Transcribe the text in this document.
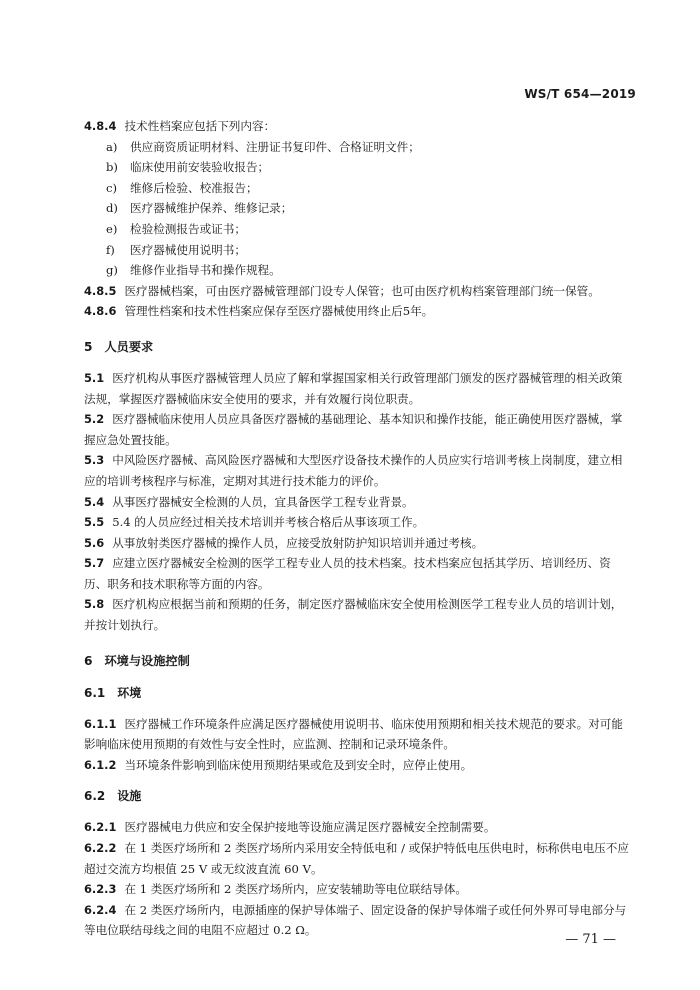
WS/T 654—2019

4.8.4 技术性档案应包括下列内容：

a) 供应商资质证明材料、注册证书复印件、合格证明文件；

b) 临床使用前安装验收报告；

c) 维修后检验、校准报告；

d) 医疗器械维护保养、维修记录；

e) 检验检测报告或证书；

f) 医疗器械使用说明书；

g) 维修作业指导书和操作规程。

4.8.5 医疗器械档案，可由医疗器械管理部门设专人保管；也可由医疗机构档案管理部门统一保管。

4.8.6 管理性档案和技术性档案应保存至医疗器械使用终止后5年。

5 人员要求

5.1 医疗机构从事医疗器械管理人员应了解和掌握国家相关行政管理部门颁发的医疗器械管理的相关政策法规，掌握医疗器械临床安全使用的要求，并有效履行岗位职责。

5.2 医疗器械临床使用人员应具备医疗器械的基础理论、基本知识和操作技能，能正确使用医疗器械，掌握应急处置技能。

5.3 中风险医疗器械、高风险医疗器械和大型医疗设备技术操作的人员应实行培训考核上岗制度，建立相应的培训考核程序与标准，定期对其进行技术能力的评价。

5.4 从事医疗器械安全检测的人员，宜具备医学工程专业背景。

5.5 5.4 的人员应经过相关技术培训并考核合格后从事该项工作。

5.6 从事放射类医疗器械的操作人员，应接受放射防护知识培训并通过考核。

5.7 应建立医疗器械安全检测的医学工程专业人员的技术档案。技术档案应包括其学历、培训经历、资历、职务和技术职称等方面的内容。

5.8 医疗机构应根据当前和预期的任务，制定医疗器械临床安全使用检测医学工程专业人员的培训计划，并按计划执行。

6 环境与设施控制

6.1 环境

6.1.1 医疗器械工作环境条件应满足医疗器械使用说明书、临床使用预期和相关技术规范的要求。对可能影响临床使用预期的有效性与安全性时，应监测、控制和记录环境条件。

6.1.2 当环境条件影响到临床使用预期结果或危及到安全时，应停止使用。

6.2 设施

6.2.1 医疗器械电力供应和安全保护接地等设施应满足医疗器械安全控制需要。

6.2.2 在 1 类医疗场所和 2 类医疗场所内采用安全特低电和 / 或保护特低电压供电时，标称供电电压不应超过交流方均根值 25 V 或无纹波直流 60 V。

6.2.3 在 1 类医疗场所和 2 类医疗场所内，应安装辅助等电位联结导体。

6.2.4 在 2 类医疗场所内，电源插座的保护导体端子、固定设备的保护导体端子或任何外界可导电部分与等电位联结母线之间的电阻不应超过 0.2 Ω。

— 71 —
